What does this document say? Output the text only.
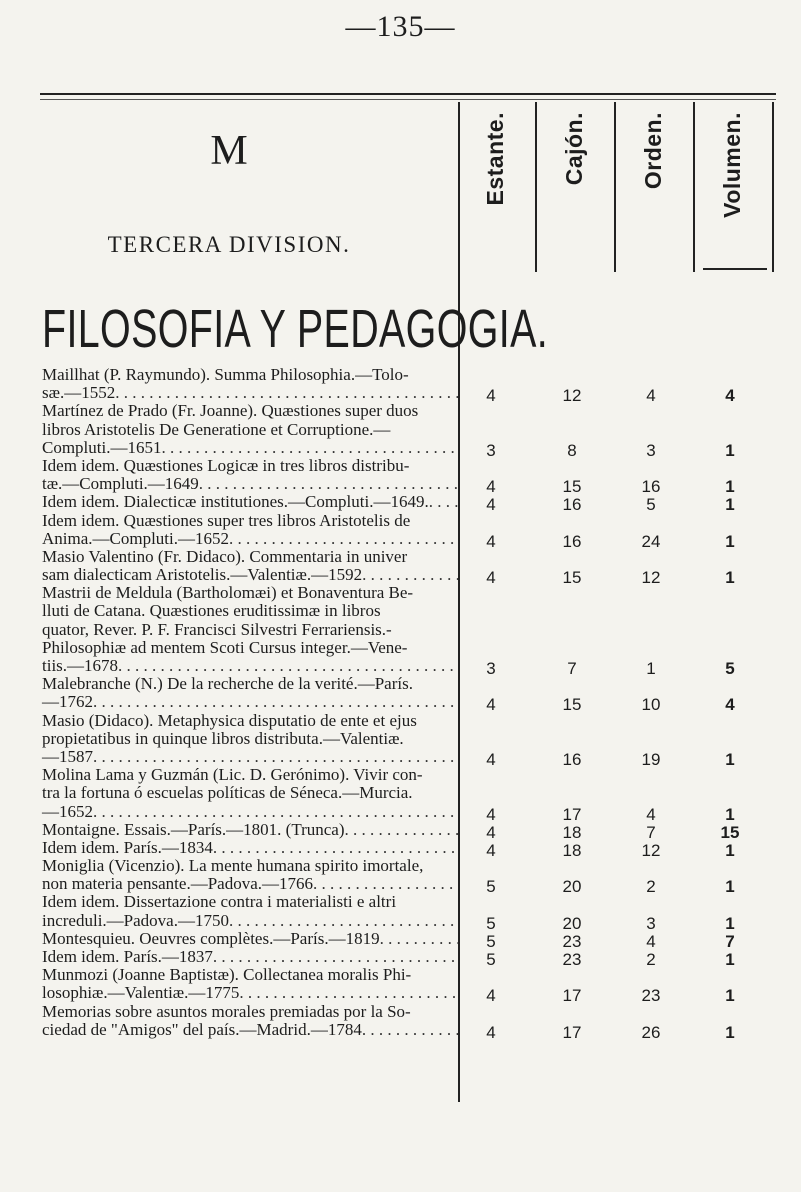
—135—
Estante. Cajón. Orden. Volumen.
M
TERCERA DIVISION.
FILOSOFIA Y PEDAGOGIA.
Maillhat (P. Raymundo). Summa Philosophia.—Tolo-
sæ.—1552 . . .	4	12	4	4
Martínez de Prado (Fr. Joanne). Quæstiones super duos
libros Aristotelis De Generatione et Corruptione.—
Compluti.—1651 . . .	3	8	3	1
Idem idem. Quæstiones Logicæ in tres libros distribu-
tæ.—Compluti.—1649 . . .	4	15	16	1
Idem idem. Dialecticæ institutiones.—Compluti.—1649. . . .	4	16	5	1
Idem idem. Quæstiones super tres libros Aristotelis de
Anima.—Compluti.—1652 . . .	4	16	24	1
Masio Valentino (Fr. Didaco). Commentaria in univer
sam dialecticam Aristotelis.—Valentiæ.—1592 . . .	4	15	12	1
Mastrii de Meldula (Bartholomæi) et Bonaventura Be-
lluti de Catana. Quæstiones eruditissimæ in libros
quator, Rever. P. F. Francisci Silvestri Ferrariensis.-
Philosophiæ ad mentem Scoti Cursus integer.—Vene-
tiis.—1678 . . .	3	7	1	5
Malebranche (N.) De la recherche de la verité.—París.
—1762 . . .	4	15	10	4
Masio (Didaco). Metaphysica disputatio de ente et ejus
propietatibus in quinque libros distributa.—Valentiæ.
—1587 . . .	4	16	19	1
Molina Lama y Guzmán (Lic. D. Gerónimo). Vivir con-
tra la fortuna ó escuelas políticas de Séneca.—Murcia.
—1652 . . .	4	17	4	1
Montaigne. Essais.—París.—1801. (Trunca) . . .	4	18	7	15
Idem idem. París.—1834 . . .	4	18	12	1
Moniglia (Vicenzio). La mente humana spirito imortale,
non materia pensante.—Padova.—1766 . . .	5	20	2	1
Idem idem. Dissertazione contra i materialisti e altri
increduli.—Padova.—1750 . . .	5	20	3	1
Montesquieu. Oeuvres complètes.—París.—1819 . . .	5	23	4	7
Idem idem. París.—1837 . . .	5	23	2	1
Munmozi (Joanne Baptistæ). Collectanea moralis Phi-
losophiæ.—Valentiæ.—1775 . . .	4	17	23	1
Memorias sobre asuntos morales premiadas por la So-
ciedad de "Amigos" del país.—Madrid.—1784 . . .	4	17	26	1
